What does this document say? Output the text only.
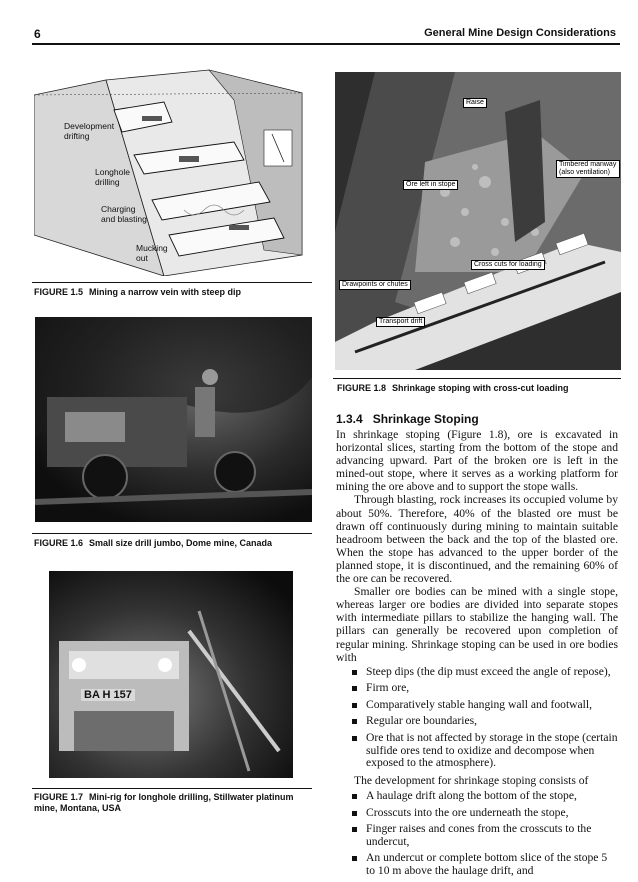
6	General Mine Design Considerations
Development drifting
Longhole drilling
Charging and blasting
Mucking out
FIGURE 1.5 Mining a narrow vein with steep dip
FIGURE 1.6 Small size drill jumbo, Dome mine, Canada
BA H 157
FIGURE 1.7 Mini-rig for longhole drilling, Stillwater platinum mine, Montana, USA
Raise
Ore left in stope
Timbered manway (also ventilation)
Cross cuts for loading
Drawpoints or chutes
Transport drift
FIGURE 1.8 Shrinkage stoping with cross-cut loading
1.3.4   Shrinkage Stoping

In shrinkage stoping (Figure 1.8), ore is excavated in horizontal slices, starting from the bottom of the stope and advancing upward. Part of the broken ore is left in the mined-out stope, where it serves as a working platform for mining the ore above and to support the stope walls.

Through blasting, rock increases its occupied volume by about 50%. Therefore, 40% of the blasted ore must be drawn off continuously during mining to maintain suitable headroom between the back and the top of the blasted ore. When the stope has advanced to the upper border of the planned stope, it is discontinued, and the remaining 60% of the ore can be recovered.

Smaller ore bodies can be mined with a single stope, whereas larger ore bodies are divided into separate stopes with intermediate pillars to stabilize the hanging wall. The pillars can generally be recovered upon completion of regular mining. Shrinkage stoping can be used in ore bodies with

Steep dips (the dip must exceed the angle of repose),
Firm ore,
Comparatively stable hanging wall and footwall,
Regular ore boundaries,
Ore that is not affected by storage in the stope (certain sulfide ores tend to oxidize and decompose when exposed to the atmosphere).

The development for shrinkage stoping consists of

A haulage drift along the bottom of the stope,
Crosscuts into the ore underneath the stope,
Finger raises and cones from the crosscuts to the undercut,
An undercut or complete bottom slice of the stope 5 to 10 m above the haulage drift, and
